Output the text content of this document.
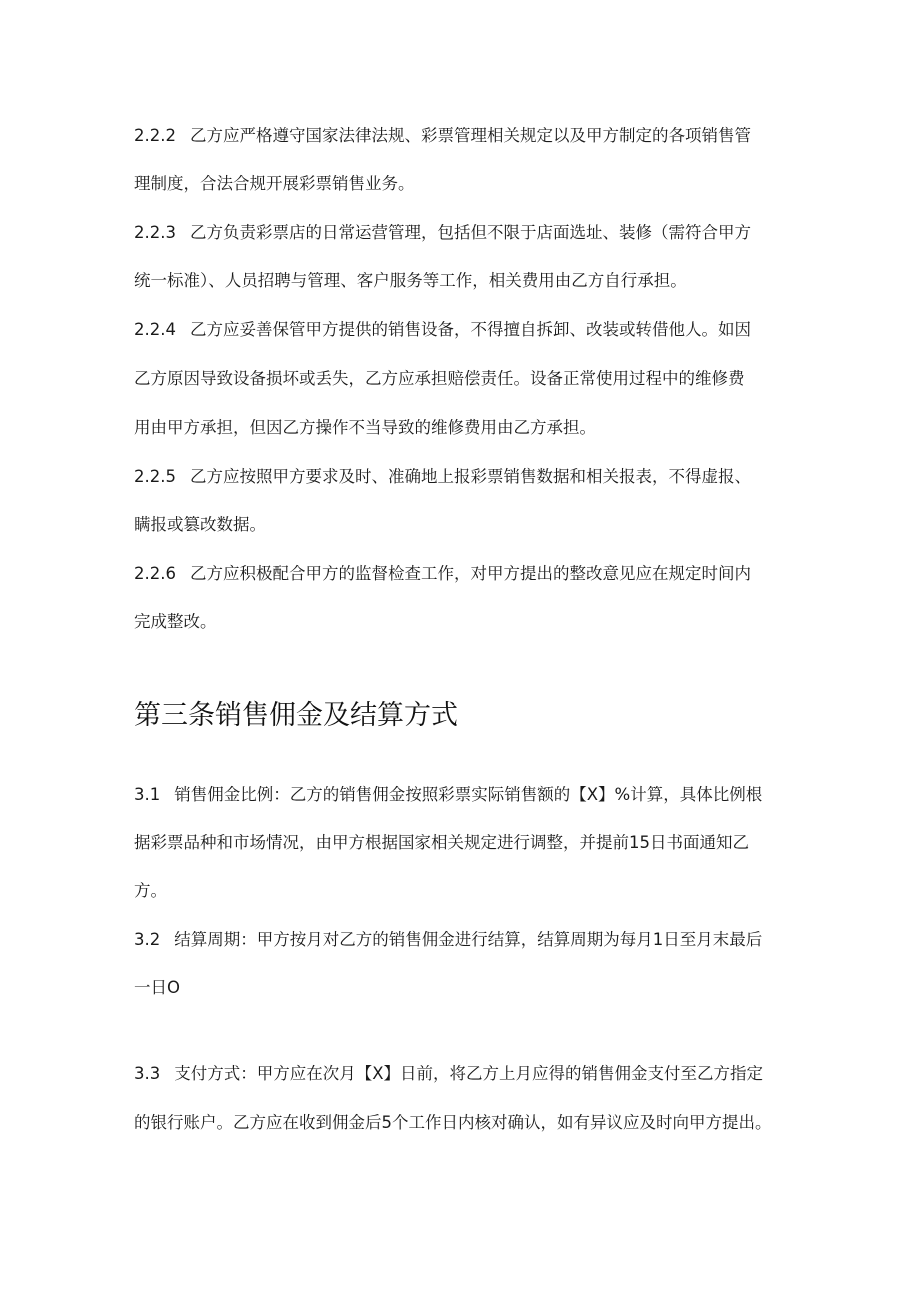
2.2.2 乙方应严格遵守国家法律法规、彩票管理相关规定以及甲方制定的各项销售管
理制度，合法合规开展彩票销售业务。
2.2.3 乙方负责彩票店的日常运营管理，包括但不限于店面选址、装修（需符合甲方
统一标准）、人员招聘与管理、客户服务等工作，相关费用由乙方自行承担。
2.2.4 乙方应妥善保管甲方提供的销售设备，不得擅自拆卸、改装或转借他人。如因
乙方原因导致设备损坏或丢失，乙方应承担赔偿责任。设备正常使用过程中的维修费
用由甲方承担，但因乙方操作不当导致的维修费用由乙方承担。
2.2.5 乙方应按照甲方要求及时、准确地上报彩票销售数据和相关报表，不得虚报、
瞒报或篡改数据。
2.2.6 乙方应积极配合甲方的监督检查工作，对甲方提出的整改意见应在规定时间内
完成整改。
第三条销售佣金及结算方式
3.1 销售佣金比例：乙方的销售佣金按照彩票实际销售额的【X】%计算，具体比例根
据彩票品种和市场情况，由甲方根据国家相关规定进行调整，并提前15日书面通知乙
方。
3.2 结算周期：甲方按月对乙方的销售佣金进行结算，结算周期为每月1日至月末最后
一日O
3.3 支付方式：甲方应在次月【X】日前，将乙方上月应得的销售佣金支付至乙方指定
的银行账户。乙方应在收到佣金后5个工作日内核对确认，如有异议应及时向甲方提出。
